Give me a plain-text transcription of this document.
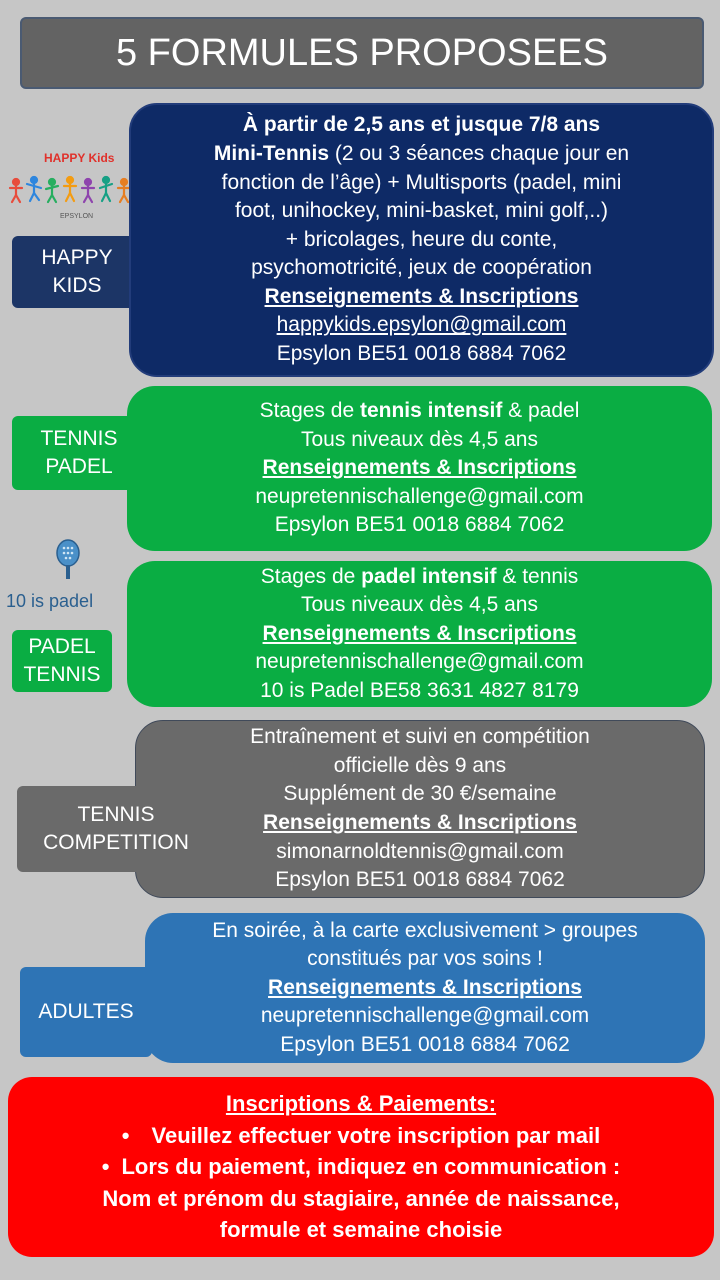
5 FORMULES PROPOSEES
HAPPY Kids
EPSYLON
HAPPY
KIDS
À partir de 2,5 ans et jusque 7/8 ans
Mini-Tennis (2 ou 3 séances chaque jour en
fonction de l’âge) + Multisports (padel, mini
foot, unihockey, mini-basket, mini golf,..)
+ bricolages, heure du conte,
psychomotricité, jeux de coopération
Renseignements & Inscriptions
happykids.epsylon@gmail.com
Epsylon BE51 0018 6884 7062
TENNIS
PADEL
Stages de tennis intensif & padel
Tous niveaux dès 4,5 ans
Renseignements & Inscriptions
neupretennischallenge@gmail.com
Epsylon BE51 0018 6884 7062
10 is padel
PADEL
TENNIS
Stages de padel intensif & tennis
Tous niveaux dès 4,5 ans
Renseignements & Inscriptions
neupretennischallenge@gmail.com
10 is Padel BE58 3631 4827 8179
Entraînement et suivi en compétition
officielle dès 9 ans
Supplément de 30 €/semaine
Renseignements & Inscriptions
simonarnoldtennis@gmail.com
Epsylon BE51 0018 6884 7062
TENNIS
COMPETITION
En soirée, à la carte exclusivement > groupes
constitués par vos soins !
Renseignements & Inscriptions
neupretennischallenge@gmail.com
Epsylon BE51 0018 6884 7062
ADULTES
Inscriptions & Paiements:
• Veuillez effectuer votre inscription par mail
• Lors du paiement, indiquez en communication :
Nom et prénom du stagiaire, année de naissance,
formule et semaine choisie
